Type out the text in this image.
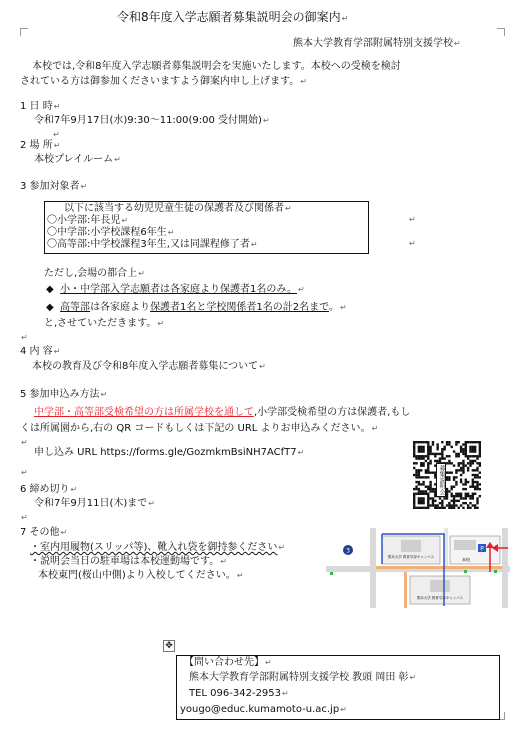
令和8年度入学志願者募集説明会の御案内↵
熊本大学教育学部附属特別支援学校↵
本校では,令和8年度入学志願者募集説明会を実施いたします。本校への受検を検討
されている方は御参加くださいますよう御案内申し上げます。↵
1 日 時↵
令和7年9月17日(水)9:30～11:00(9:00 受付開始)↵
↵
2 場 所↵
本校プレイルーム↵
3 参加対象者↵
以下に該当する幼児児童生徒の保護者及び関係者↵
〇小学部:年長児↵
〇中学部:小学校課程6年生↵
〇高等部:中学校課程3年生,又は同課程修了者↵
↵
↵
ただし,会場の都合上↵
◆ 小・中学部入学志願者は各家庭より保護者1名のみ。↵
◆ 高等部は各家庭より保護者1名と学校関係者1名の計2名まで。↵
と,させていただきます。↵
↵
4 内 容↵
本校の教育及び令和8年度入学志願者募集について↵
5 参加申込み方法↵
中学部・高等部受検希望の方は所属学校を通して,小学部受検希望の方は保護者,もし
くは所属園から,右の QR コードもしくは下記の URL よりお申込みください。↵
↵
申し込み URL https://forms.gle/GozmkmBsiNH7ACfT7↵
↵
6 締め切り↵
令和7年9月11日(木)まで↵
↵
7 その他↵
・室内用履物(スリッパ等)、靴入れ袋を御持参ください↵
・説明会当日の駐車場は本校運動場です。↵
本校東門(桜山中側)より入校してください。↵
募集説明会
熊本大学 教育学部キャンパス	本校
P
熊本大学 教育学部キャンパス
3
✥
【問い合わせ先】↵
熊本大学教育学部附属特別支援学校 教頭 岡田 彰↵
TEL 096-342-2953↵
yougo@educ.kumamoto-u.ac.jp↵
